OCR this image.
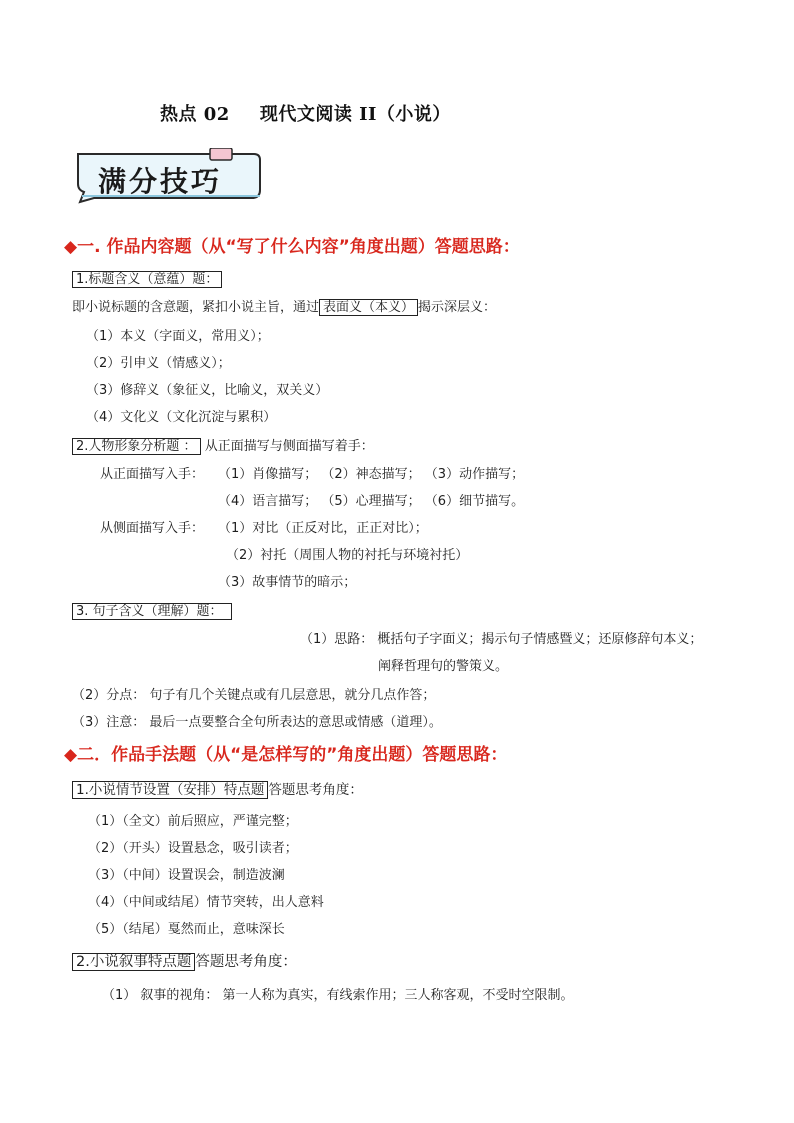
热点 02 现代文阅读 II（小说）
满分技巧
◆一. 作品内容题（从“写了什么内容”角度出题）答题思路：
1.标题含义（意蕴）题：
即小说标题的含意题，紧扣小说主旨，通过 表面义（本义） 揭示深层义：
（1）本义（字面义，常用义）；
（2）引申义（情感义）；
（3）修辞义（象征义，比喻义，双关义）
（4）文化义（文化沉淀与累积）
2.人物形象分析题 ： 从正面描写与侧面描写着手：
从正面描写入手： （1）肖像描写； （2）神态描写； （3）动作描写；
（4）语言描写； （5）心理描写； （6）细节描写。
从侧面描写入手： （1）对比（正反对比，正正对比）；
（2）衬托（周围人物的衬托与环境衬托）
（3）故事情节的暗示；
3. 句子含义（理解）题：
（1）思路： 概括句子字面义；揭示句子情感暨义；还原修辞句本义；
阐释哲理句的警策义。
（2）分点： 句子有几个关键点或有几层意思，就分几点作答；
（3）注意： 最后一点要整合全句所表达的意思或情感（道理）。
◆二．作品手法题（从“是怎样写的”角度出题）答题思路：
1.小说情节设置（安排）特点题 答题思考角度：
（1）（全文）前后照应，严谨完整；
（2）（开头）设置悬念，吸引读者；
（3）（中间）设置误会，制造波澜
（4）（中间或结尾）情节突转，出人意料
（5）（结尾）戛然而止，意味深长
2.小说叙事特点题 答题思考角度：
（1） 叙事的视角： 第一人称为真实，有线索作用；三人称客观，不受时空限制。
